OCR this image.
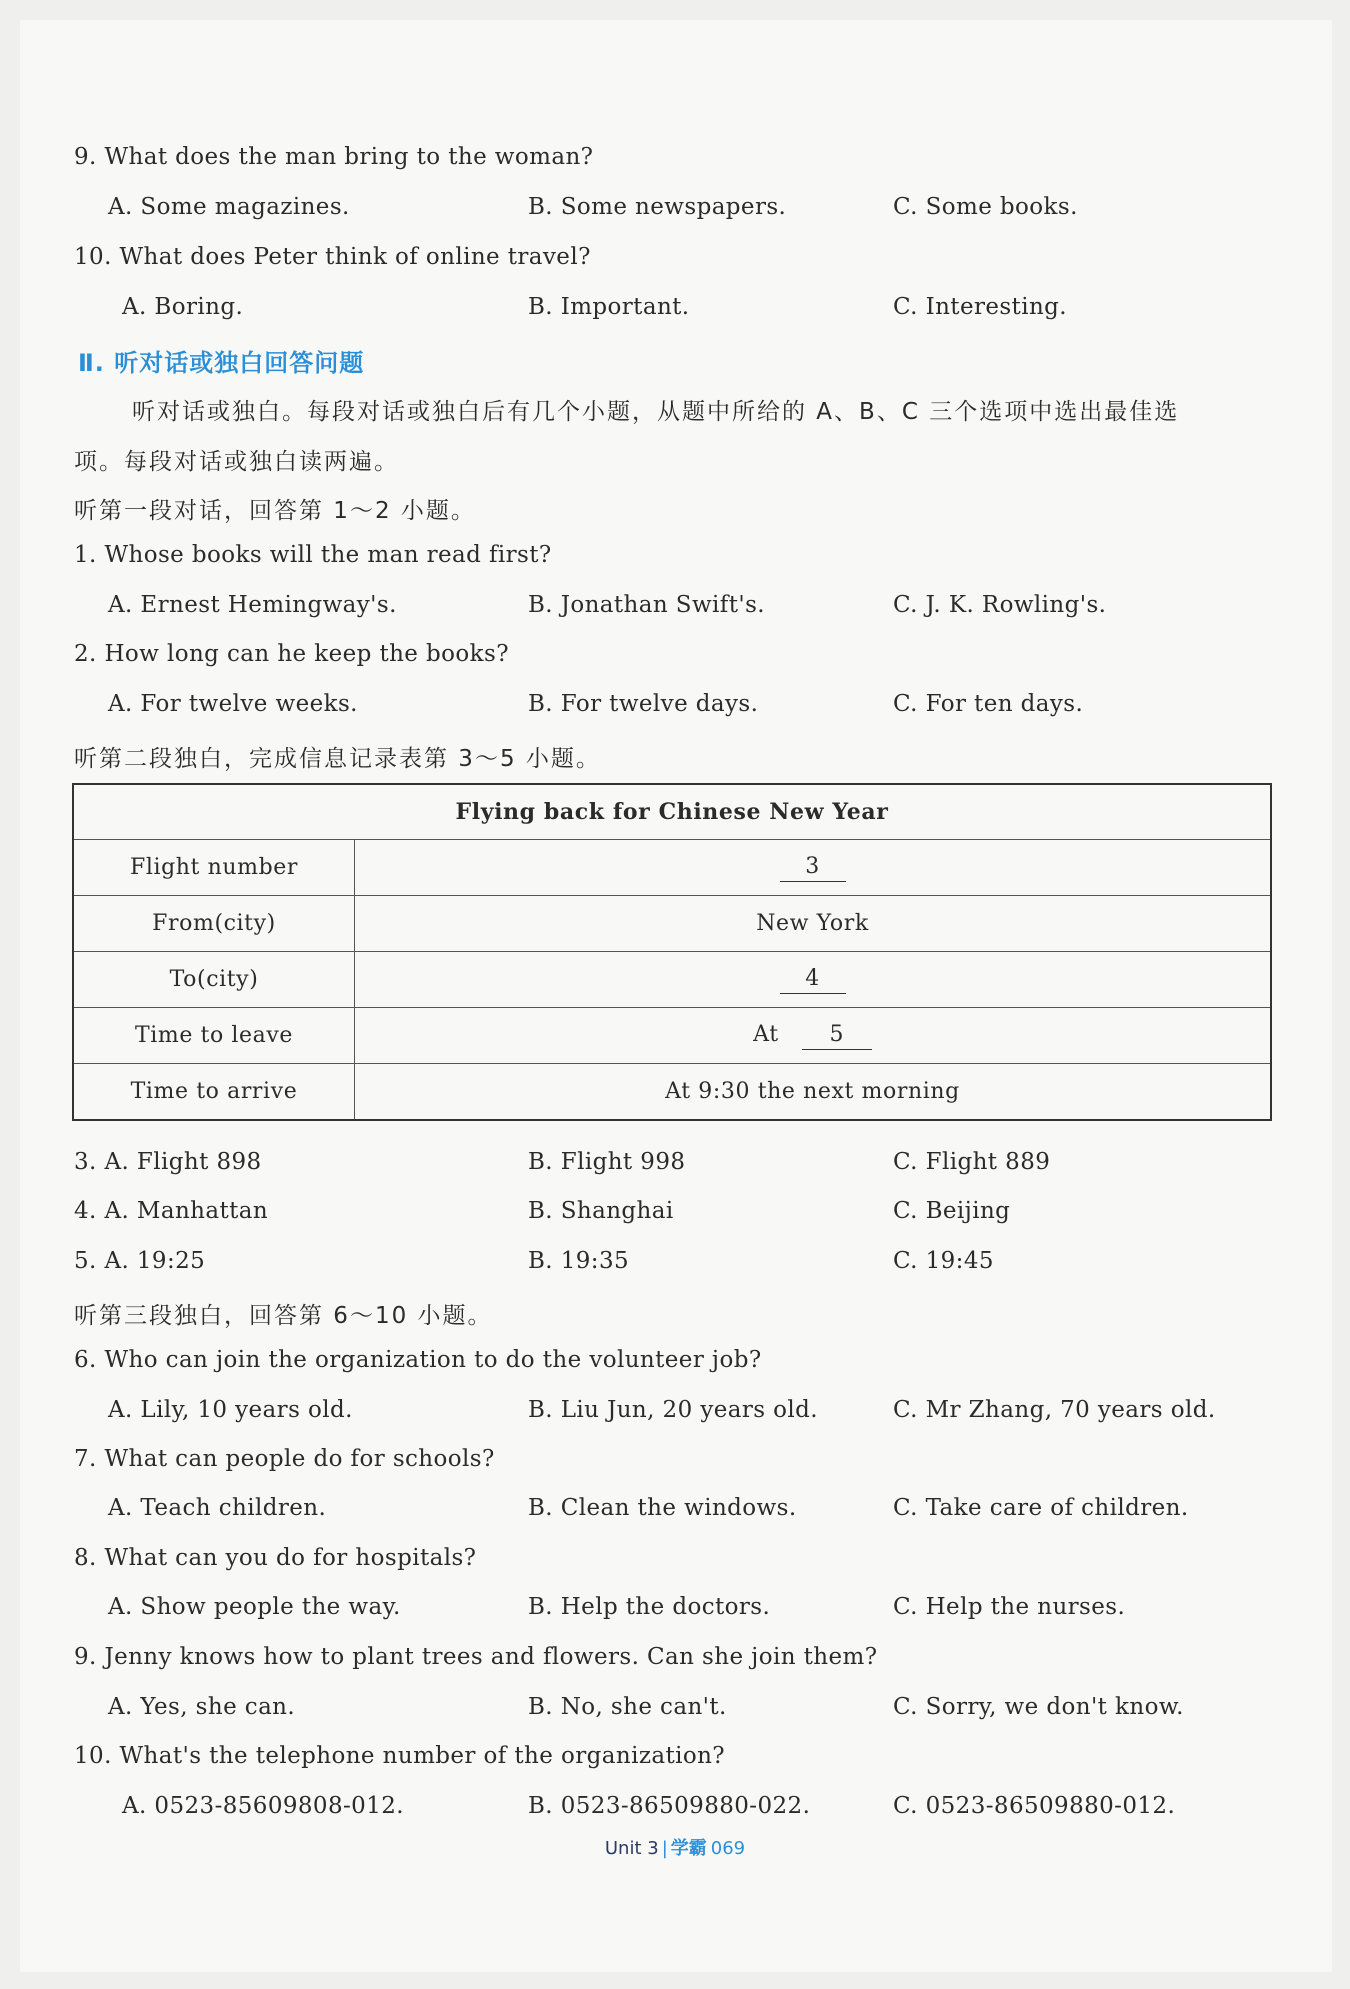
9. What does the man bring to the woman?
A. Some magazines.	B. Some newspapers.	C. Some books.
10. What does Peter think of online travel?
A. Boring.	B. Important.	C. Interesting.
Ⅱ. 听对话或独白回答问题
听对话或独白。每段对话或独白后有几个小题，从题中所给的 A、B、C 三个选项中选出最佳选
项。每段对话或独白读两遍。
听第一段对话，回答第 1～2 小题。
1. Whose books will the man read first?
A. Ernest Hemingway's.	B. Jonathan Swift's.	C. J. K. Rowling's.
2. How long can he keep the books?
A. For twelve weeks.	B. For twelve days.	C. For ten days.
听第二段独白，完成信息记录表第 3～5 小题。
Flying back for Chinese New Year	
Flight number	3
From(city)	New York
To(city)	4
Time to leave	At 5
Time to arrive	At 9:30 the next morning
3. A. Flight 898	B. Flight 998	C. Flight 889
4. A. Manhattan	B. Shanghai	C. Beijing
5. A. 19:25	B. 19:35	C. 19:45
听第三段独白，回答第 6～10 小题。
6. Who can join the organization to do the volunteer job?
A. Lily, 10 years old.	B. Liu Jun, 20 years old.	C. Mr Zhang, 70 years old.
7. What can people do for schools?
A. Teach children.	B. Clean the windows.	C. Take care of children.
8. What can you do for hospitals?
A. Show people the way.	B. Help the doctors.	C. Help the nurses.
9. Jenny knows how to plant trees and flowers. Can she join them?
A. Yes, she can.	B. No, she can't.	C. Sorry, we don't know.
10. What's the telephone number of the organization?
A. 0523-85609808-012.	B. 0523-86509880-022.	C. 0523-86509880-012.
Unit 3 | 学霸 069
